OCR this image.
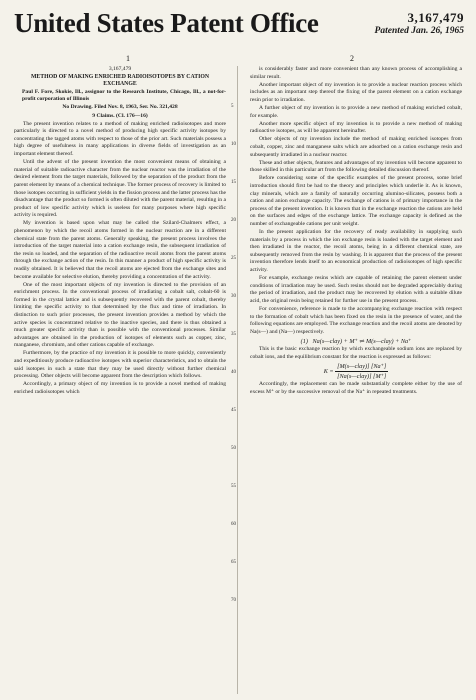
United States Patent Office	3,167,479
Patented Jan. 26, 1965
1	2
3,167,479
METHOD OF MAKING ENRICHED RADIOISOTOPES BY CATION EXCHANGE

Paul F. Fore, Skokie, Ill., assignor to the Research Institute, Chicago, Ill., a not-for-profit corporation of Illinois

No Drawing. Filed Nov. 8, 1963, Ser. No. 321,428

9 Claims. (Cl. 176—16)

The present invention relates to a method of making enriched radioisotopes and more particularly is directed to a novel method of producing high specific activity isotopes by concentrating the tagged atoms with respect to those of the prior art. Such materials possess a high degree of usefulness in many applications in diverse fields of investigation as an important element thereof.

Until the advent of the present invention the most convenient means of obtaining a material of suitable radioactive character from the nuclear reactor was the irradiation of the desired element from the target materials, followed by the separation of the product from the parent element by means of a chemical technique. The former process of recovery is limited to those isotopes occurring in sufficient yields in the fission process and the latter process has the disadvantage that the product so formed is often diluted with the parent material, resulting in a product of low specific activity which is useless for many purposes where high specific activity is required.

My invention is based upon what may be called the Szilard-Chalmers effect, a phenomenon by which the recoil atoms formed in the nuclear reaction are in a different chemical state from the parent atoms. Generally speaking, the present process involves the introduction of the target material into a cation exchange resin, the subsequent irradiation of the resin so loaded, and the separation of the radioactive recoil atoms from the parent atoms through the exchange action of the resin. In this manner a product of high specific activity is readily obtained. It is believed that the recoil atoms are ejected from the exchange sites and become available for selective elution, thereby providing a concentration of the activity.

One of the most important objects of my invention is directed to the provision of an enrichment process. In the conventional process of irradiating a cobalt salt, cobalt-60 is formed in the crystal lattice and is subsequently recovered with the parent cobalt, thereby limiting the specific activity to that determined by the flux and time of irradiation. In distinction to such prior processes, the present invention provides a method by which the active species is concentrated relative to the inactive species, and there is thus obtained a much greater specific activity than is possible with the conventional processes. Similar advantages are obtained in the production of isotopes of elements such as copper, zinc, manganese, chromium, and other cations capable of exchange.

Furthermore, by the practice of my invention it is possible to more quickly, conveniently and expeditiously produce radioactive isotopes with superior characteristics, and to obtain the said isotopes in such a state that they may be used directly without further chemical processing. Other objects will become apparent from the description which follows.

Accordingly, a primary object of my invention is to provide a novel method of making enriched radioisotopes which

5
10
15
20
25
30
35
40
45
50
55
60
65
70

is considerably faster and more convenient than any known process of accomplishing a similar result.

Another important object of my invention is to provide a nuclear reaction process which includes as an important step thereof the fixing of the parent element on a cation exchange resin prior to irradiation.

A further object of my invention is to provide a new method of making enriched cobalt, for example.

Another more specific object of my invention is to provide a new method of making radioactive isotopes, as will be apparent hereinafter.

Other objects of my invention include the method of making enriched isotopes from cobalt, copper, zinc and manganese salts which are adsorbed on a cation exchange resin and subsequently irradiated in a nuclear reactor.

These and other objects, features and advantages of my invention will become apparent to those skilled in this particular art from the following detailed discussion thereof.

Before considering some of the specific examples of the present process, some brief introduction should first be had to the theory and principles which underlie it. As is known, clay minerals, which are a family of naturally occurring alumino-silicates, possess both a cation and anion exchange capacity. The exchange of cations is of primary importance in the process of the present invention. It is known that in the exchange reaction the cations are held on the surfaces and edges of the exchange lattice. The exchange capacity is defined as the number of exchangeable cations per unit weight.

In the present application for the recovery of ready availability in supplying such materials by a process in which the ion exchange resin is loaded with the target element and then irradiated in the reactor, the recoil atoms, being in a different chemical state, are subsequently removed from the resin by washing. It is apparent that the process of the present invention therefore lends itself to an economical production of radioisotopes of high specific activity.

For example, exchange resins which are capable of retaining the parent element under conditions of irradiation may be used. Such resins should not be degraded appreciably during the period of irradiation, and the product may be recovered by elution with a suitable dilute acid, the original resin being retained for further use in the present process.

For convenience, reference is made to the accompanying exchange reaction with respect to the formation of cobalt which has been fixed on the resin in the presence of water, and the following equations are employed. The exchange reaction and the recoil atoms are denoted by Na(s—) and (Na—) respectively.

(1) Na(s—clay) + M⁺ ⇌ M(s—clay) + Na⁺

This is the basic exchange reaction by which exchangeable sodium ions are replaced by cobalt ions, and the equilibrium constant for the reaction is expressed as follows:

$K = \frac{\text{[M(s—clay)] [Na⁺]}}{\text{[Na(s—clay)] [M⁺]}}$

Accordingly, the replacement can be made substantially complete either by the use of excess M⁺ or by the successive removal of the Na⁺ in repeated treatments.
